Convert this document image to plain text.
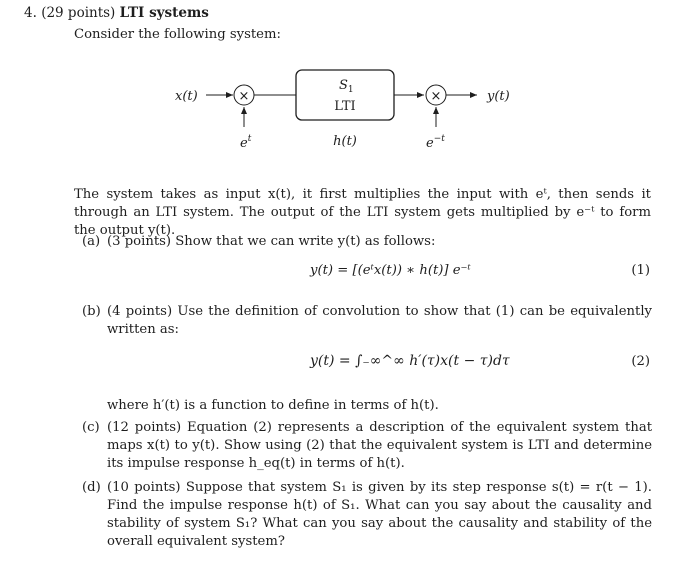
4. (29 points) LTI systems
Consider the following system:
x(t)	×
$e^t$
$S_1$
LTI
h(t)
×
$e^{-t}$
y(t)
The system takes as input x(t), it first multiplies the input with eᵗ, then sends it through an LTI system. The output of the LTI system gets multiplied by e⁻ᵗ to form the output y(t).
(a) (3 points) Show that we can write y(t) as follows:
y(t) = [(eᵗx(t)) ∗ h(t)] e⁻ᵗ	(1)
(b) (4 points) Use the definition of convolution to show that (1) can be equivalently written as:
y(t) = ∫₋∞^∞ h′(τ)x(t − τ)dτ	(2)
where h′(t) is a function to define in terms of h(t).
(c) (12 points) Equation (2) represents a description of the equivalent system that maps x(t) to y(t). Show using (2) that the equivalent system is LTI and determine its impulse response h_eq(t) in terms of h(t).
(d) (10 points) Suppose that system S₁ is given by its step response s(t) = r(t − 1). Find the impulse response h(t) of S₁. What can you say about the causality and stability of system S₁? What can you say about the causality and stability of the overall equivalent system?
